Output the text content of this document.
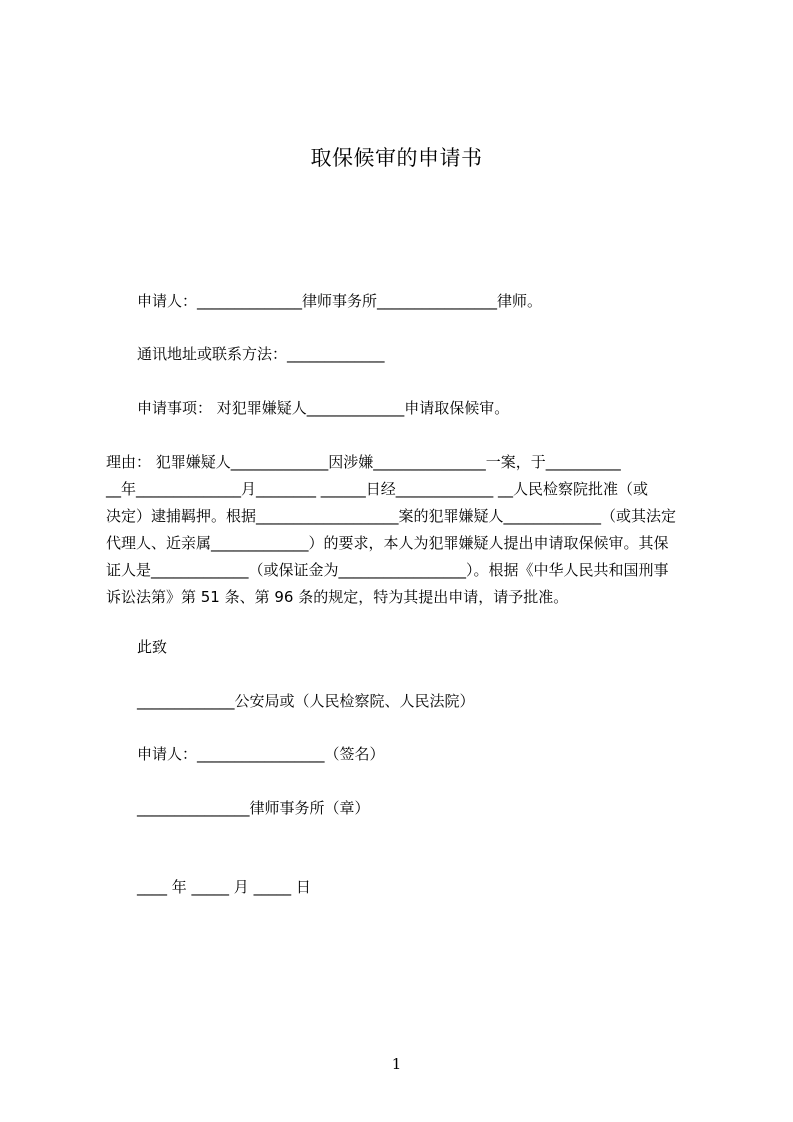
取保候审的申请书
申请人：______________律师事务所________________律师。
通讯地址或联系方法：_____________
申请事项： 对犯罪嫌疑人_____________申请取保候审。
理由： 犯罪嫌疑人_____________因涉嫌_______________一案，于__________
__年______________月________ ______日经_____________ __人民检察院批准（或
决定）逮捕羁押。根据___________________案的犯罪嫌疑人_____________（或其法定
代理人、近亲属_____________）的要求，本人为犯罪嫌疑人提出申请取保候审。其保
证人是_____________（或保证金为_________________）。根据《中华人民共和国刑事
诉讼法第》第 51 条、第 96 条的规定，特为其提出申请，请予批准。
此致
_____________公安局或（人民检察院、人民法院）
申请人：_________________（签名）
_______________律师事务所（章）
____ 年 _____ 月 _____ 日
1
